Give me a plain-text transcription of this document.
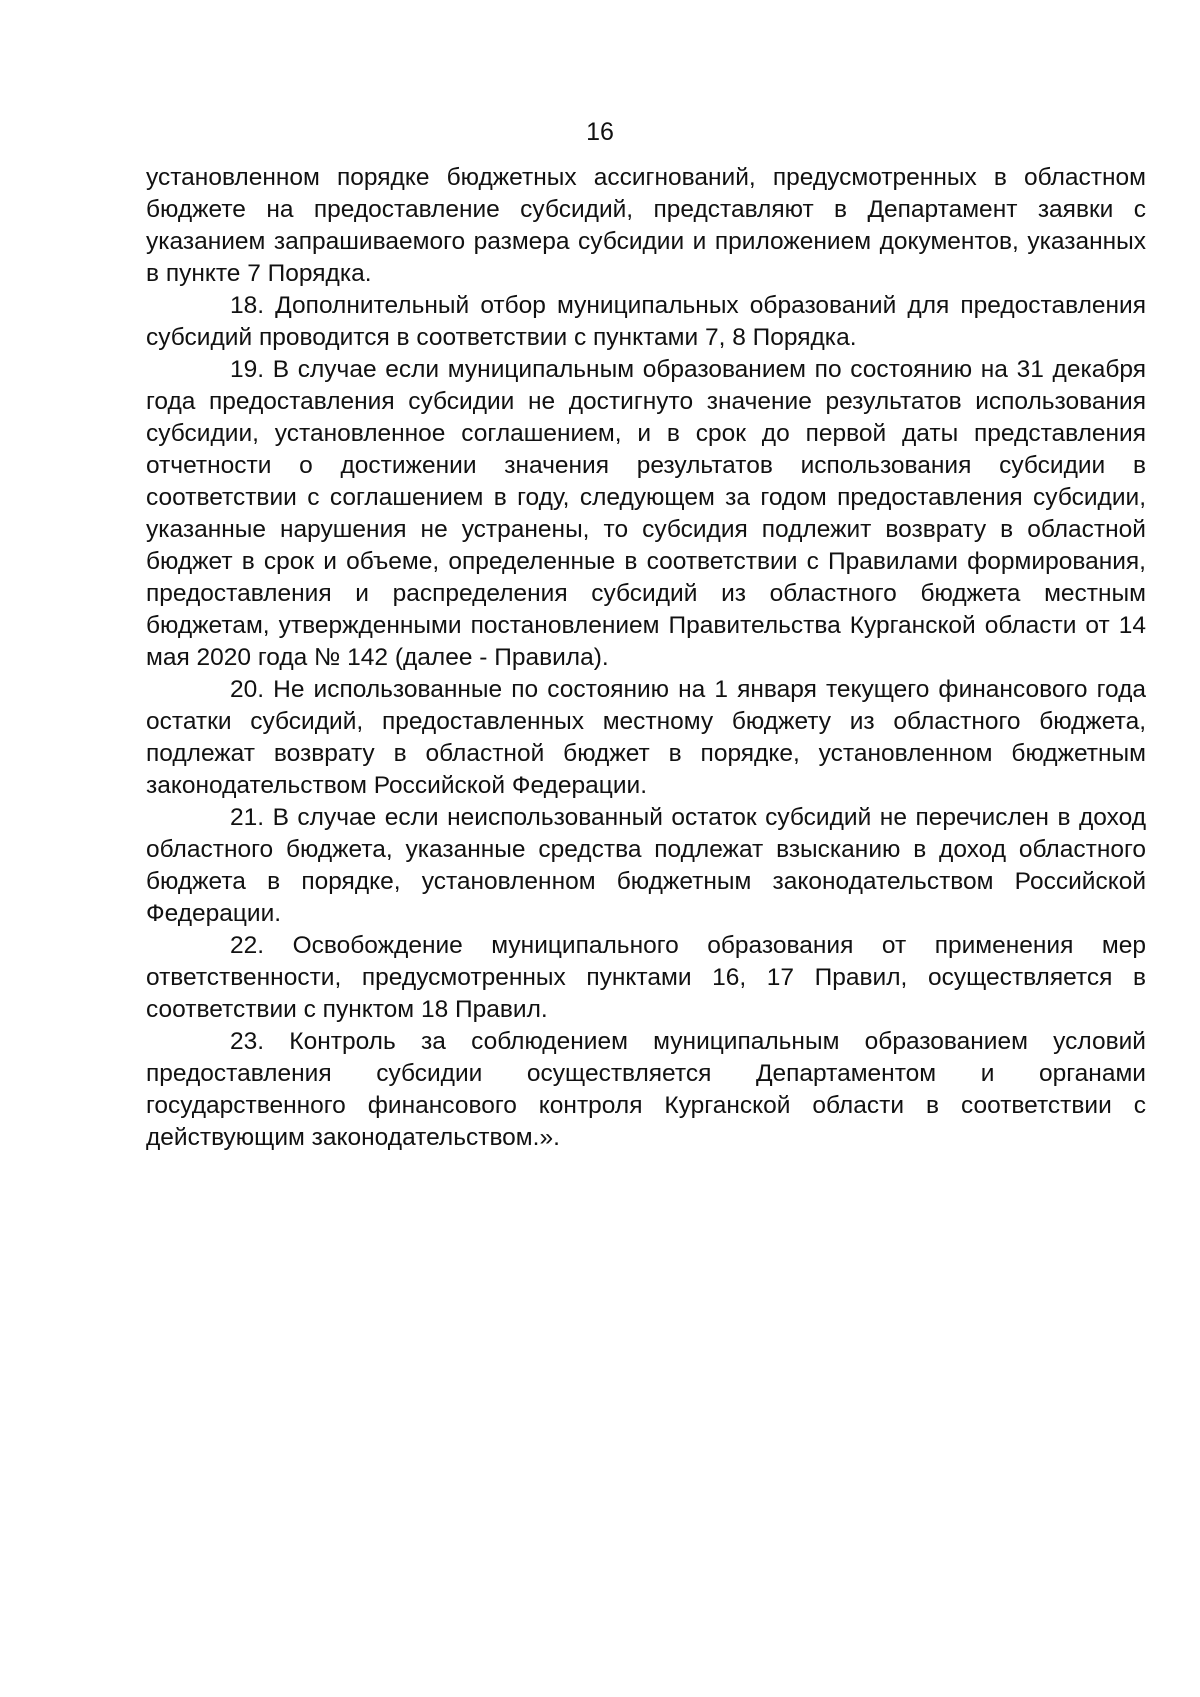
16

установленном порядке бюджетных ассигнований, предусмотренных в областном бюджете на предоставление субсидий, представляют в Департамент заявки с указанием запрашиваемого размера субсидии и приложением документов, указанных в пункте 7 Порядка.

18. Дополнительный отбор муниципальных образований для предоставления субсидий проводится в соответствии с пунктами 7, 8 Порядка.

19. В случае если муниципальным образованием по состоянию на 31 декабря года предоставления субсидии не достигнуто значение результатов использования субсидии, установленное соглашением, и в срок до первой даты представления отчетности о достижении значения результатов использования субсидии в соответствии с соглашением в году, следующем за годом предоставления субсидии, указанные нарушения не устранены, то субсидия подлежит возврату в областной бюджет в срок и объеме, определенные в соответствии с Правилами формирования, предоставления и распределения субсидий из областного бюджета местным бюджетам, утвержденными постановлением Правительства Курганской области от 14 мая 2020 года № 142 (далее - Правила).

20. Не использованные по состоянию на 1 января текущего финансового года остатки субсидий, предоставленных местному бюджету из областного бюджета, подлежат возврату в областной бюджет в порядке, установленном бюджетным законодательством Российской Федерации.

21. В случае если неиспользованный остаток субсидий не перечислен в доход областного бюджета, указанные средства подлежат взысканию в доход областного бюджета в порядке, установленном бюджетным законодательством Российской Федерации.

22. Освобождение муниципального образования от применения мер ответственности, предусмотренных пунктами 16, 17 Правил, осуществляется в соответствии с пунктом 18 Правил.

23. Контроль за соблюдением муниципальным образованием условий предоставления субсидии осуществляется Департаментом и органами государственного финансового контроля Курганской области в соответствии с действующим законодательством.».
